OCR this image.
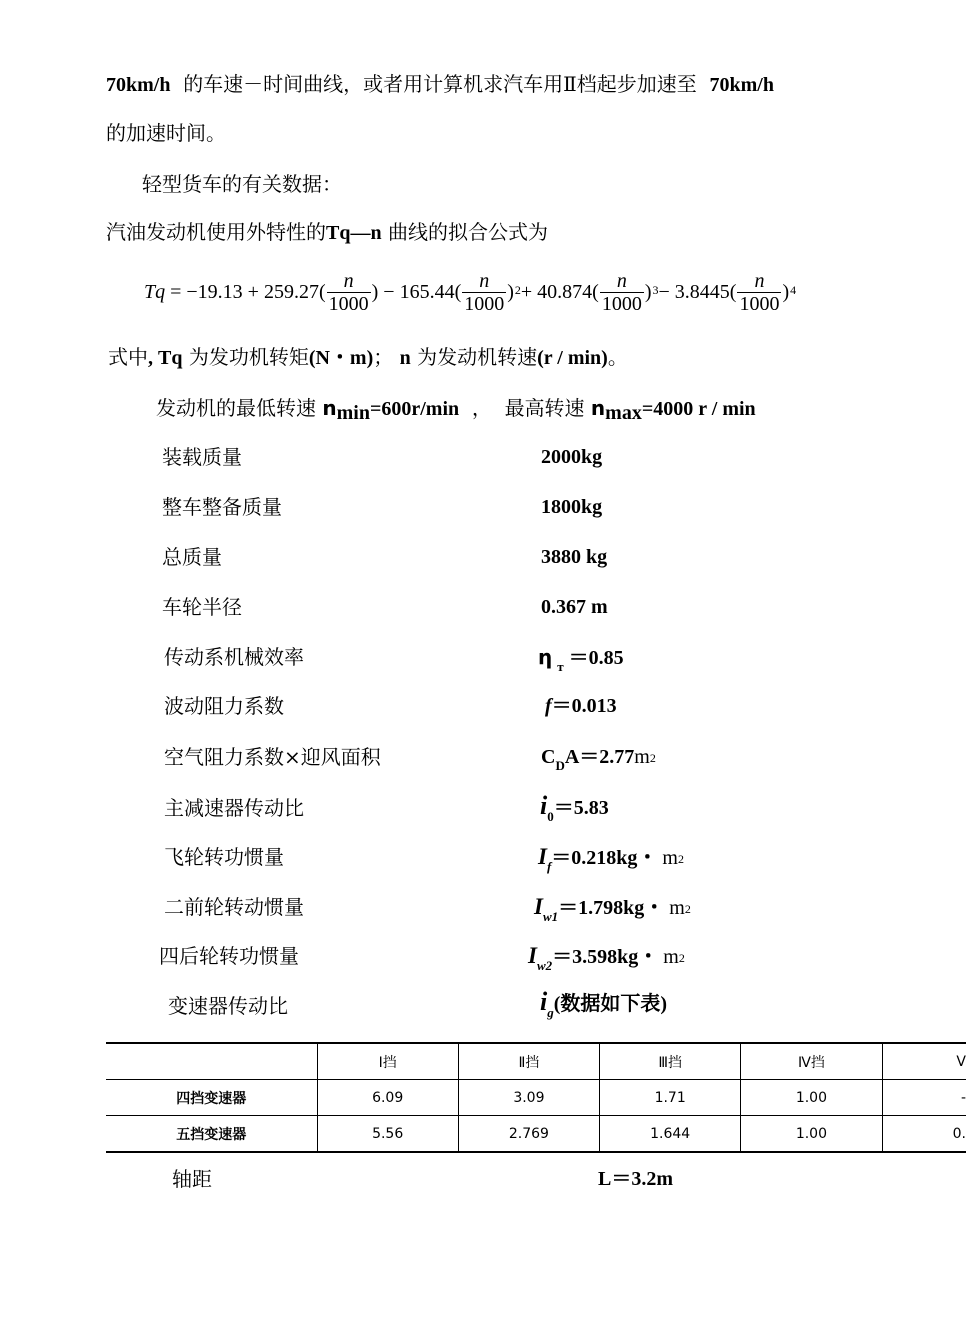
70km/h 的车速－时间曲线，或者用计算机求汽车用Ⅱ档起步加速至 70km/h
的加速时间。
轻型货车的有关数据：
汽油发动机使用外特性的Tq—n 曲线的拟合公式为
Tq
= $-19.13 + 259.27( \frac{n}{1000}$ ) − $165.44( \frac{n}{1000}$ ) $2 + 40.874( \frac{n}{1000}$ ) $3 - 3.8445( \frac{n}{1000}$ ) 4
式中, Tq 为发功机转矩(N・m)； n 为发动机转速(r / min)。
发动机的最低转速 nmin=600r/min ， 最高转速 nmax=4000 r / min
装载质量	2000kg
整车整备质量	1800kg
总质量	3880 kg
车轮半径	0.367 m
传动系机械效率	η $_т$ ＝0.85
波动阻力系数	f＝0.013
空气阻力系数×迎风面积	$C_DA=2.77m2$
主减速器传动比	$i_0=5.83$
飞轮转功惯量	$I_f=0.218kg$・ m2
二前轮转动惯量	$I_{w1}=1.798kg$・ m2
四后轮转功惯量	$I_{w2}=3.598kg$・ m2
变速器传动比	$i_g$(数据如下表)
	Ⅰ挡	Ⅱ挡	Ⅲ挡	Ⅳ挡	V
四挡变速器	6.09	3.09	1.71	1.00	-
五挡变速器	5.56	2.769	1.644	1.00	0.
轴距	L＝3.2m
